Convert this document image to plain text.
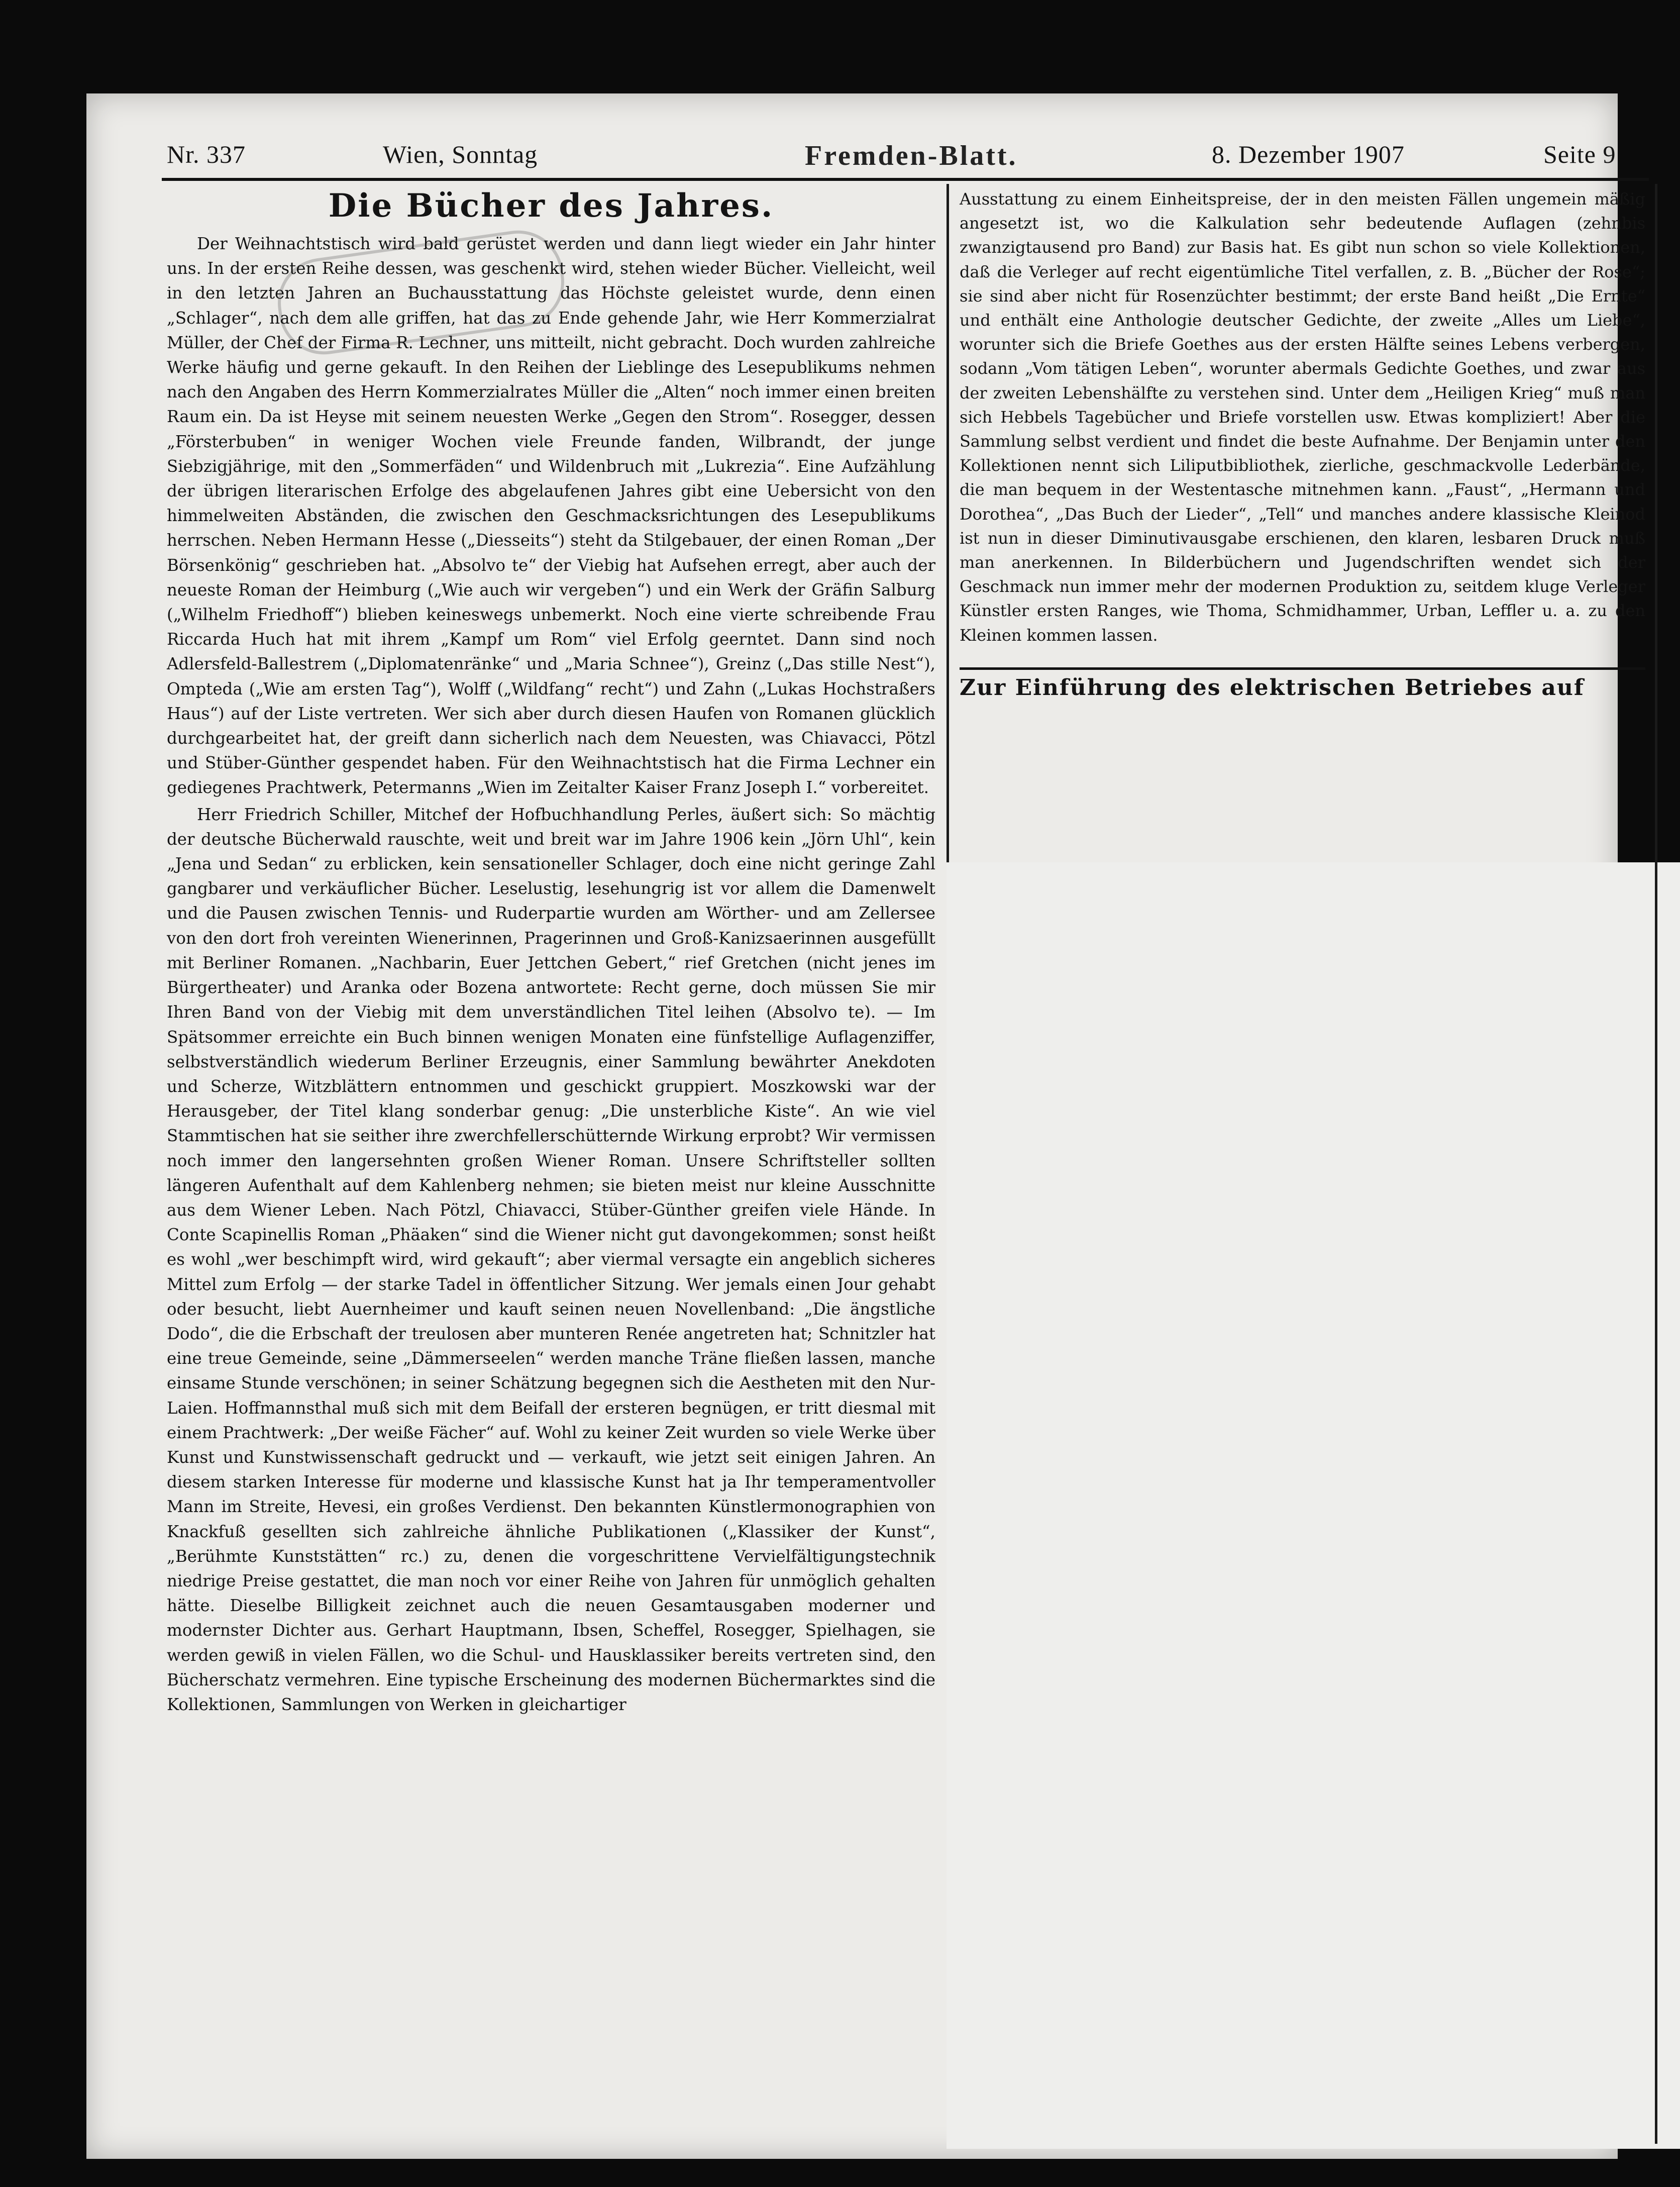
Nr. 337	Wien, Sonntag	Fremden-Blatt.	8. Dezember 1907	Seite 9
Die Bücher des Jahres.

Der Weihnachtstisch wird bald gerüstet werden und dann liegt wieder ein Jahr hinter uns. In der ersten Reihe dessen, was geschenkt wird, stehen wieder Bücher. Vielleicht, weil in den letzten Jahren an Buchausstattung das Höchste geleistet wurde, denn einen „Schlager“, nach dem alle griffen, hat das zu Ende gehende Jahr, wie Herr Kommerzialrat Müller, der Chef der Firma R. Lechner, uns mitteilt, nicht gebracht. Doch wurden zahlreiche Werke häufig und gerne gekauft. In den Reihen der Lieblinge des Lesepublikums nehmen nach den Angaben des Herrn Kommerzialrates Müller die „Alten“ noch immer einen breiten Raum ein. Da ist Heyse mit seinem neuesten Werke „Gegen den Strom“. Rosegger, dessen „Försterbuben“ in weniger Wochen viele Freunde fanden, Wilbrandt, der junge Siebzigjährige, mit den „Sommerfäden“ und Wildenbruch mit „Lukrezia“. Eine Aufzählung der übrigen literarischen Erfolge des abgelaufenen Jahres gibt eine Uebersicht von den himmelweiten Abständen, die zwischen den Geschmacksrichtungen des Lesepublikums herrschen. Neben Hermann Hesse („Diesseits“) steht da Stilgebauer, der einen Roman „Der Börsenkönig“ geschrieben hat. „Absolvo te“ der Viebig hat Aufsehen erregt, aber auch der neueste Roman der Heimburg („Wie auch wir vergeben“) und ein Werk der Gräfin Salburg („Wilhelm Friedhoff“) blieben keineswegs unbemerkt. Noch eine vierte schreibende Frau Riccarda Huch hat mit ihrem „Kampf um Rom“ viel Erfolg geerntet. Dann sind noch Adlersfeld-Ballestrem („Diplomatenränke“ und „Maria Schnee“), Greinz („Das stille Nest“), Ompteda („Wie am ersten Tag“), Wolff („Wildfang“ recht“) und Zahn („Lukas Hochstraßers Haus“) auf der Liste vertreten. Wer sich aber durch diesen Haufen von Romanen glücklich durchgearbeitet hat, der greift dann sicherlich nach dem Neuesten, was Chiavacci, Pötzl und Stüber-Günther gespendet haben. Für den Weihnachtstisch hat die Firma Lechner ein gediegenes Prachtwerk, Petermanns „Wien im Zeitalter Kaiser Franz Joseph I.“ vorbereitet.

Herr Friedrich Schiller, Mitchef der Hofbuchhandlung Perles, äußert sich: So mächtig der deutsche Bücherwald rauschte, weit und breit war im Jahre 1906 kein „Jörn Uhl“, kein „Jena und Sedan“ zu erblicken, kein sensationeller Schlager, doch eine nicht geringe Zahl gangbarer und verkäuflicher Bücher. Leselustig, lesehungrig ist vor allem die Damenwelt und die Pausen zwischen Tennis- und Ruderpartie wurden am Wörther- und am Zellersee von den dort froh vereinten Wienerinnen, Pragerinnen und Groß-Kanizsaerinnen ausgefüllt mit Berliner Romanen. „Nachbarin, Euer Jettchen Gebert,“ rief Gretchen (nicht jenes im Bürgertheater) und Aranka oder Bozena antwortete: Recht gerne, doch müssen Sie mir Ihren Band von der Viebig mit dem unverständlichen Titel leihen (Absolvo te). — Im Spätsommer erreichte ein Buch binnen wenigen Monaten eine fünfstellige Auflagenziffer, selbstverständlich wiederum Berliner Erzeugnis, einer Sammlung bewährter Anekdoten und Scherze, Witzblättern entnommen und geschickt gruppiert. Moszkowski war der Herausgeber, der Titel klang sonderbar genug: „Die unsterbliche Kiste“. An wie viel Stammtischen hat sie seither ihre zwerchfellerschütternde Wirkung erprobt? Wir vermissen noch immer den langersehnten großen Wiener Roman. Unsere Schriftsteller sollten längeren Aufenthalt auf dem Kahlenberg nehmen; sie bieten meist nur kleine Ausschnitte aus dem Wiener Leben. Nach Pötzl, Chiavacci, Stüber-Günther greifen viele Hände. In Conte Scapinellis Roman „Phäaken“ sind die Wiener nicht gut davongekommen; sonst heißt es wohl „wer beschimpft wird, wird gekauft“; aber viermal versagte ein angeblich sicheres Mittel zum Erfolg — der starke Tadel in öffentlicher Sitzung. Wer jemals einen Jour gehabt oder besucht, liebt Auernheimer und kauft seinen neuen Novellenband: „Die ängstliche Dodo“, die die Erbschaft der treulosen aber munteren Renée angetreten hat; Schnitzler hat eine treue Gemeinde, seine „Dämmerseelen“ werden manche Träne fließen lassen, manche einsame Stunde verschönen; in seiner Schätzung begegnen sich die Aestheten mit den Nur-Laien. Hoffmannsthal muß sich mit dem Beifall der ersteren begnügen, er tritt diesmal mit einem Prachtwerk: „Der weiße Fächer“ auf. Wohl zu keiner Zeit wurden so viele Werke über Kunst und Kunstwissenschaft gedruckt und — verkauft, wie jetzt seit einigen Jahren. An diesem starken Interesse für moderne und klassische Kunst hat ja Ihr temperamentvoller Mann im Streite, Hevesi, ein großes Verdienst. Den bekannten Künstlermonographien von Knackfuß gesellten sich zahlreiche ähnliche Publikationen („Klassiker der Kunst“, „Berühmte Kunststätten“ rc.) zu, denen die vorgeschrittene Vervielfältigungstechnik niedrige Preise gestattet, die man noch vor einer Reihe von Jahren für unmöglich gehalten hätte. Dieselbe Billigkeit zeichnet auch die neuen Gesamtausgaben moderner und modernster Dichter aus. Gerhart Hauptmann, Ibsen, Scheffel, Rosegger, Spielhagen, sie werden gewiß in vielen Fällen, wo die Schul- und Hausklassiker bereits vertreten sind, den Bücherschatz vermehren. Eine typische Erscheinung des modernen Büchermarktes sind die Kollektionen, Sammlungen von Werken in gleichartiger

Ausstattung zu einem Einheitspreise, der in den meisten Fällen ungemein mäßig angesetzt ist, wo die Kalkulation sehr bedeutende Auflagen (zehnbis zwanzigtausend pro Band) zur Basis hat. Es gibt nun schon so viele Kollektionen, daß die Verleger auf recht eigentümliche Titel verfallen, z. B. „Bücher der Rose“; sie sind aber nicht für Rosenzüchter bestimmt; der erste Band heißt „Die Ernte“ und enthält eine Anthologie deutscher Gedichte, der zweite „Alles um Liebe“, worunter sich die Briefe Goethes aus der ersten Hälfte seines Lebens verbergen, sodann „Vom tätigen Leben“, worunter abermals Gedichte Goethes, und zwar aus der zweiten Lebenshälfte zu verstehen sind. Unter dem „Heiligen Krieg“ muß man sich Hebbels Tagebücher und Briefe vorstellen usw. Etwas kompliziert! Aber die Sammlung selbst verdient und findet die beste Aufnahme. Der Benjamin unter den Kollektionen nennt sich Liliputbibliothek, zierliche, geschmackvolle Lederbände, die man bequem in der Westentasche mitnehmen kann. „Faust“, „Hermann und Dorothea“, „Das Buch der Lieder“, „Tell“ und manches andere klassische Kleinod ist nun in dieser Diminutivausgabe erschienen, den klaren, lesbaren Druck muß man anerkennen. In Bilderbüchern und Jugendschriften wendet sich der Geschmack nun immer mehr der modernen Produktion zu, seitdem kluge Verleger Künstler ersten Ranges, wie Thoma, Schmidhammer, Urban, Leffler u. a. zu den Kleinen kommen lassen.

Zur Einführung des elektrischen Betriebes auf
